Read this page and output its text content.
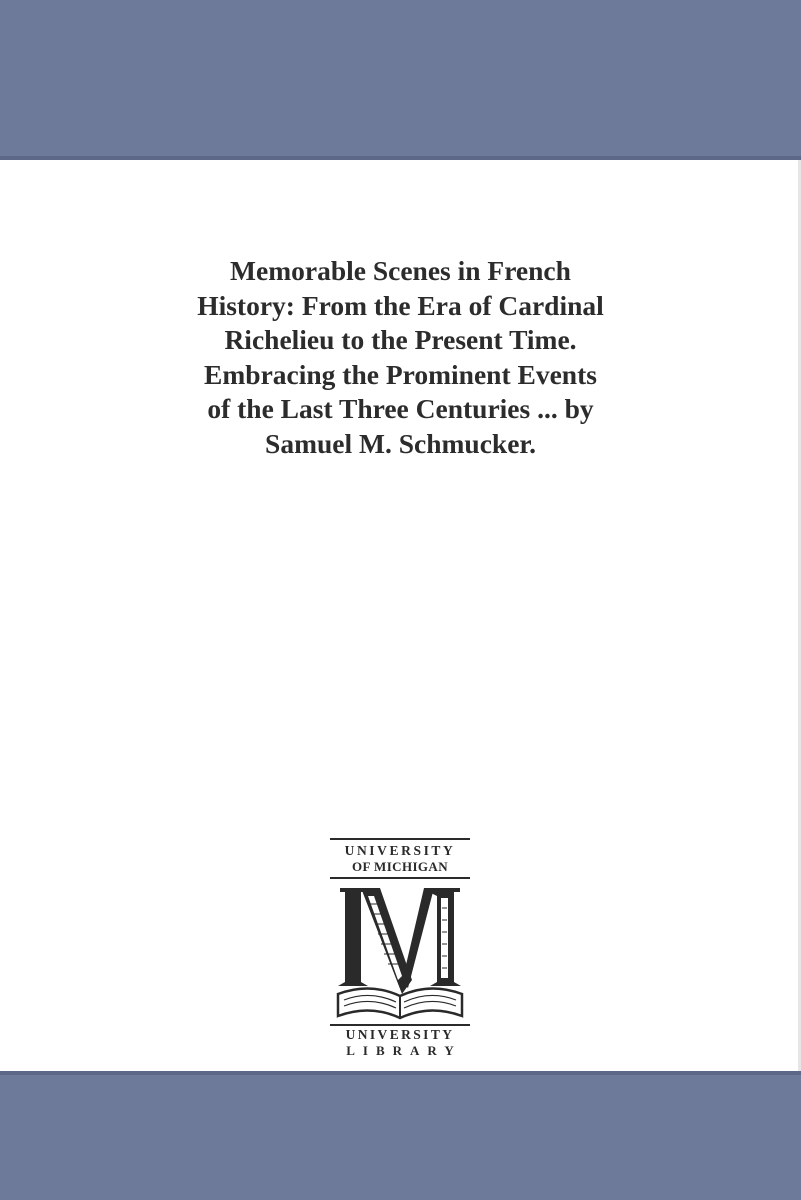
Memorable Scenes in French
History: From the Era of Cardinal
Richelieu to the Present Time.
Embracing the Prominent Events
of the Last Three Centuries ... by
Samuel M. Schmucker.
UNIVERSITY
OF MICHIGAN
UNIVERSITY
LIBRARY
